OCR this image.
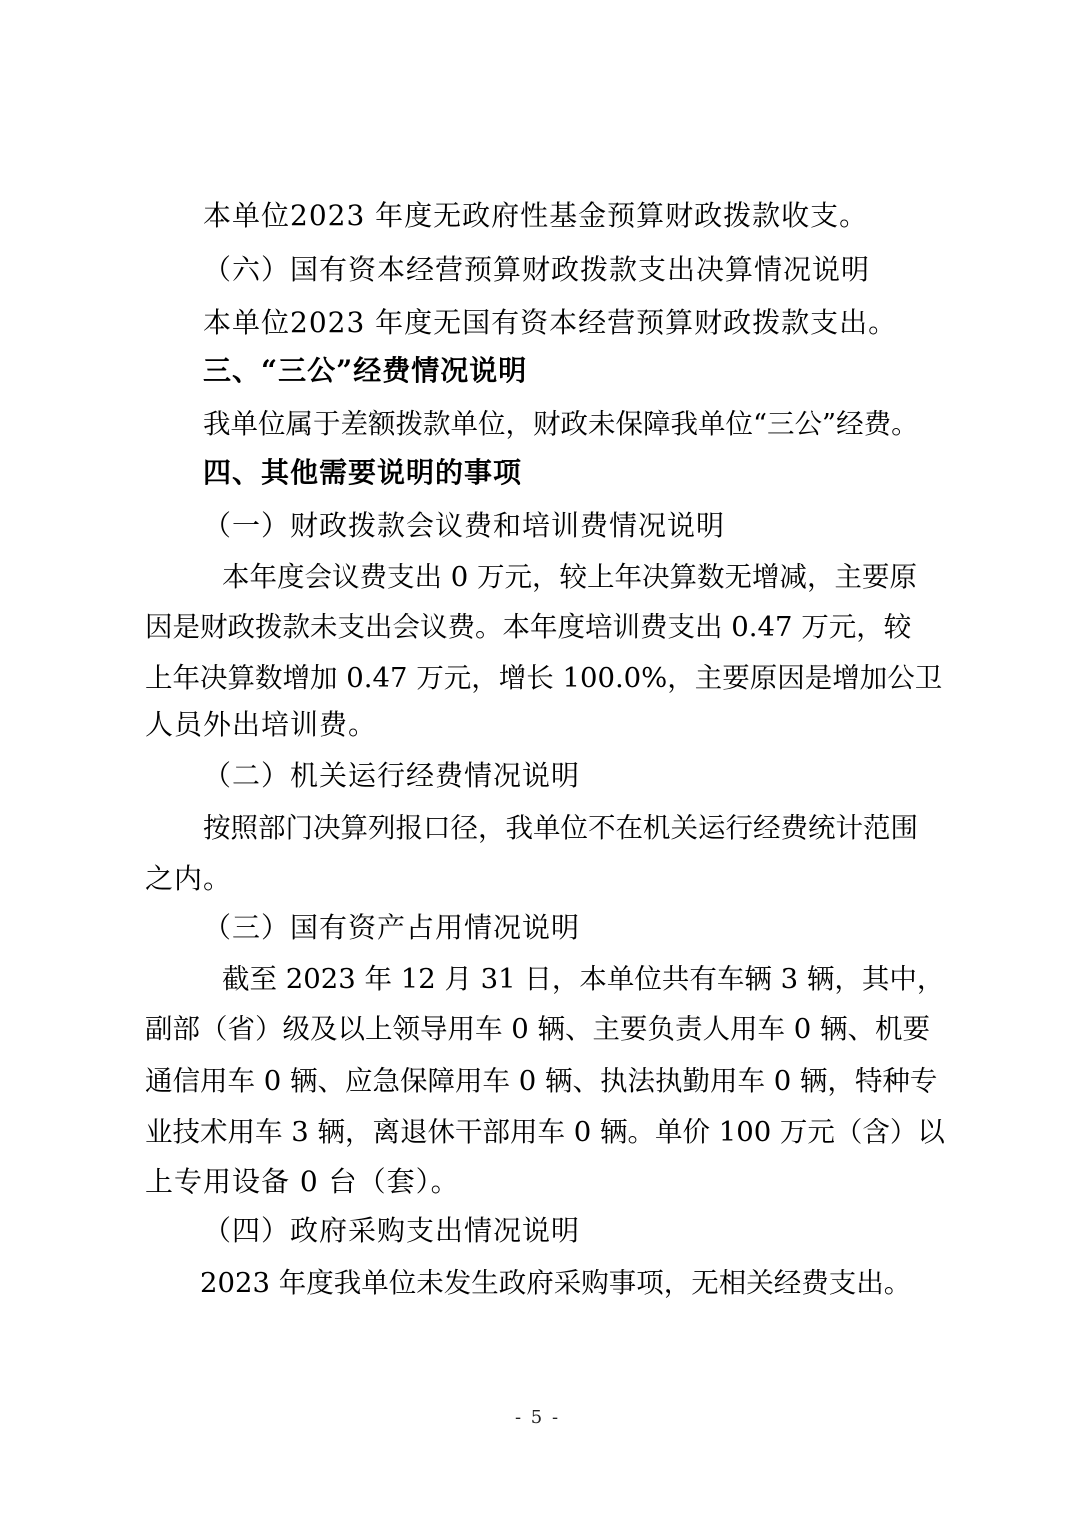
本单位2023 年度无政府性基金预算财政拨款收支。
（六）国有资本经营预算财政拨款支出决算情况说明
本单位2023 年度无国有资本经营预算财政拨款支出。
三、“三公”经费情况说明
我单位属于差额拨款单位，财政未保障我单位“三公”经费。
四、其他需要说明的事项
（一）财政拨款会议费和培训费情况说明
本年度会议费支出 0 万元，较上年决算数无增减，主要原
因是财政拨款未支出会议费。本年度培训费支出 0.47 万元，较
上年决算数增加 0.47 万元，增长 100.0%，主要原因是增加公卫
人员外出培训费。
（二）机关运行经费情况说明
按照部门决算列报口径，我单位不在机关运行经费统计范围
之内。
（三）国有资产占用情况说明
截至 2023 年 12 月 31 日，本单位共有车辆 3 辆，其中，
副部（省）级及以上领导用车 0 辆、主要负责人用车 0 辆、机要
通信用车 0 辆、应急保障用车 0 辆、执法执勤用车 0 辆，特种专
业技术用车 3 辆，离退休干部用车 0 辆。单价 100 万元（含）以
上专用设备 0 台（套）。
（四）政府采购支出情况说明
2023 年度我单位未发生政府采购事项，无相关经费支出。
- 5 -
